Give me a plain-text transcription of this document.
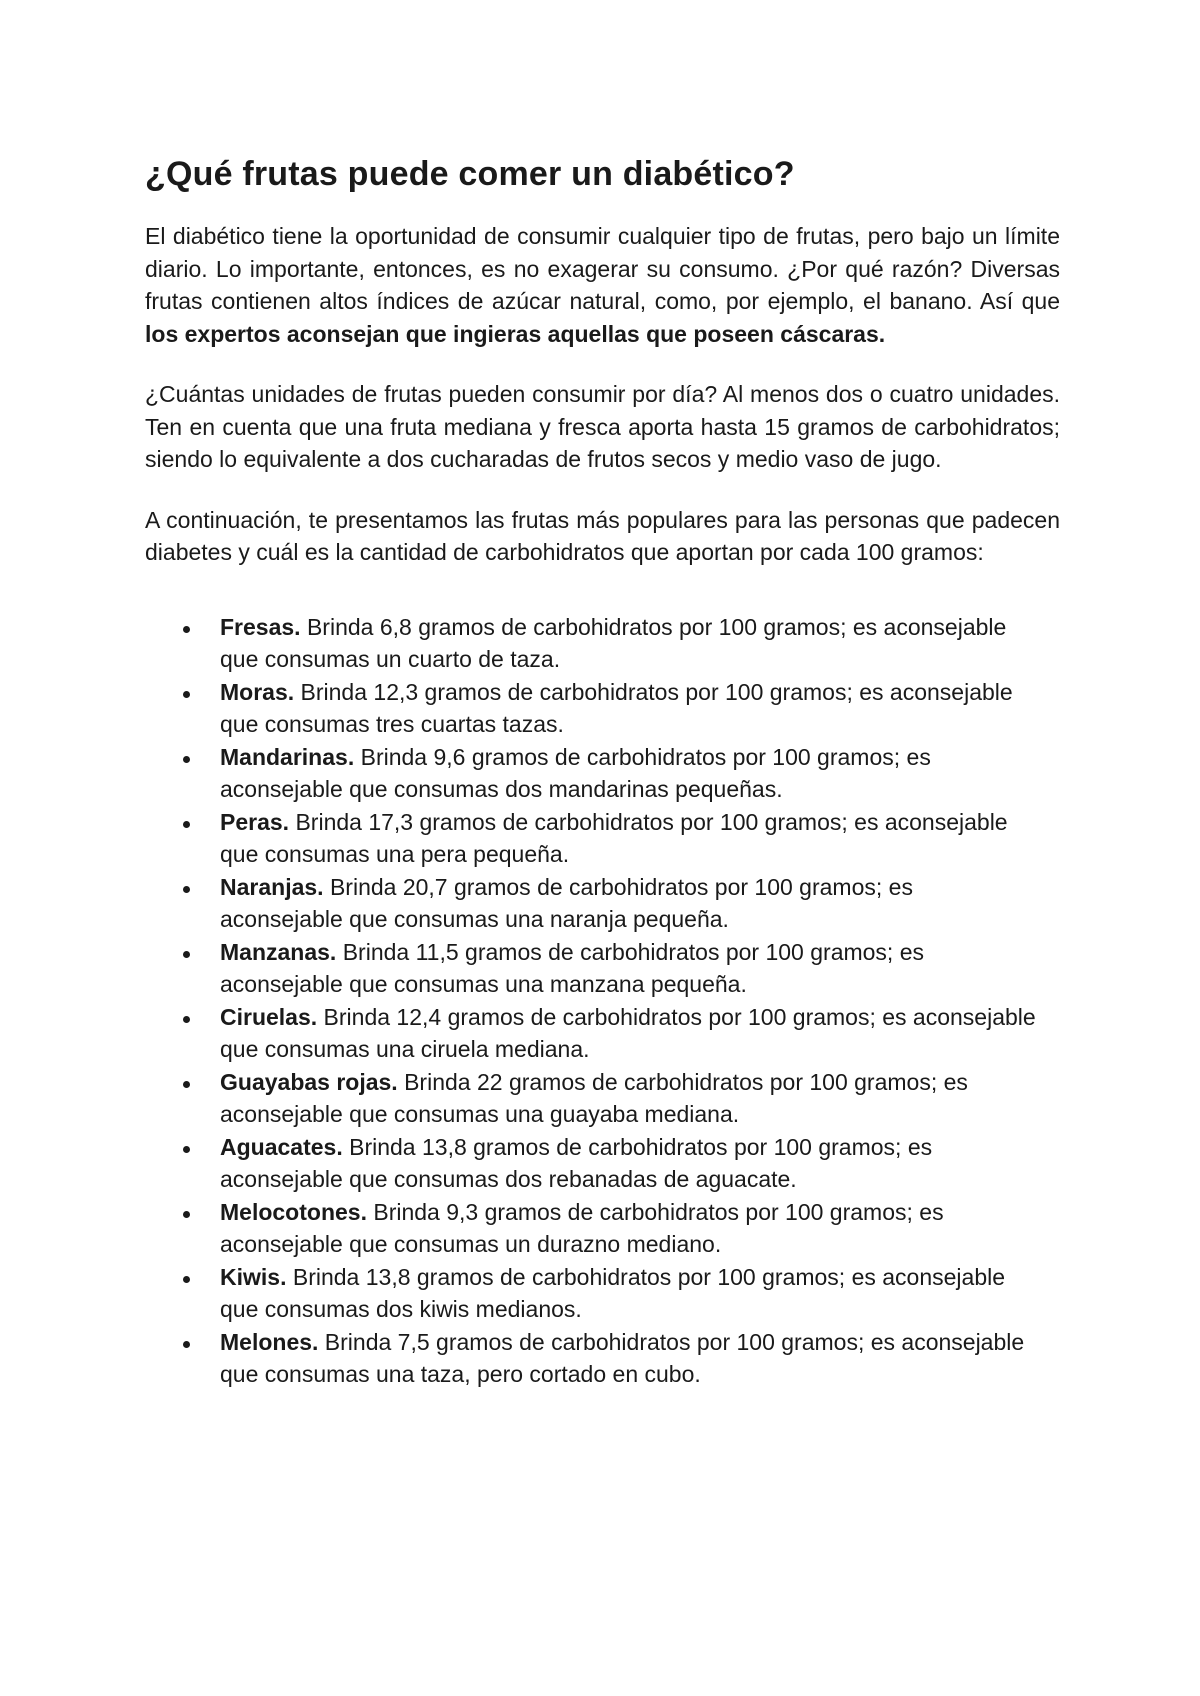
¿Qué frutas puede comer un diabético?

El diabético tiene la oportunidad de consumir cualquier tipo de frutas, pero bajo un límite diario. Lo importante, entonces, es no exagerar su consumo. ¿Por qué razón? Diversas frutas contienen altos índices de azúcar natural, como, por ejemplo, el banano. Así que los expertos aconsejan que ingieras aquellas que poseen cáscaras.

¿Cuántas unidades de frutas pueden consumir por día? Al menos dos o cuatro unidades. Ten en cuenta que una fruta mediana y fresca aporta hasta 15 gramos de carbohidratos; siendo lo equivalente a dos cucharadas de frutos secos y medio vaso de jugo.

A continuación, te presentamos las frutas más populares para las personas que padecen diabetes y cuál es la cantidad de carbohidratos que aportan por cada 100 gramos:

Fresas. Brinda 6,8 gramos de carbohidratos por 100 gramos; es aconsejable que consumas un cuarto de taza.
Moras. Brinda 12,3 gramos de carbohidratos por 100 gramos; es aconsejable que consumas tres cuartas tazas.
Mandarinas. Brinda 9,6 gramos de carbohidratos por 100 gramos; es aconsejable que consumas dos mandarinas pequeñas.
Peras. Brinda 17,3 gramos de carbohidratos por 100 gramos; es aconsejable que consumas una pera pequeña.
Naranjas. Brinda 20,7 gramos de carbohidratos por 100 gramos; es aconsejable que consumas una naranja pequeña.
Manzanas. Brinda 11,5 gramos de carbohidratos por 100 gramos; es aconsejable que consumas una manzana pequeña.
Ciruelas. Brinda 12,4 gramos de carbohidratos por 100 gramos; es aconsejable que consumas una ciruela mediana.
Guayabas rojas. Brinda 22 gramos de carbohidratos por 100 gramos; es aconsejable que consumas una guayaba mediana.
Aguacates. Brinda 13,8 gramos de carbohidratos por 100 gramos; es aconsejable que consumas dos rebanadas de aguacate.
Melocotones. Brinda 9,3 gramos de carbohidratos por 100 gramos; es aconsejable que consumas un durazno mediano.
Kiwis. Brinda 13,8 gramos de carbohidratos por 100 gramos; es aconsejable que consumas dos kiwis medianos.
Melones. Brinda 7,5 gramos de carbohidratos por 100 gramos; es aconsejable que consumas una taza, pero cortado en cubo.
